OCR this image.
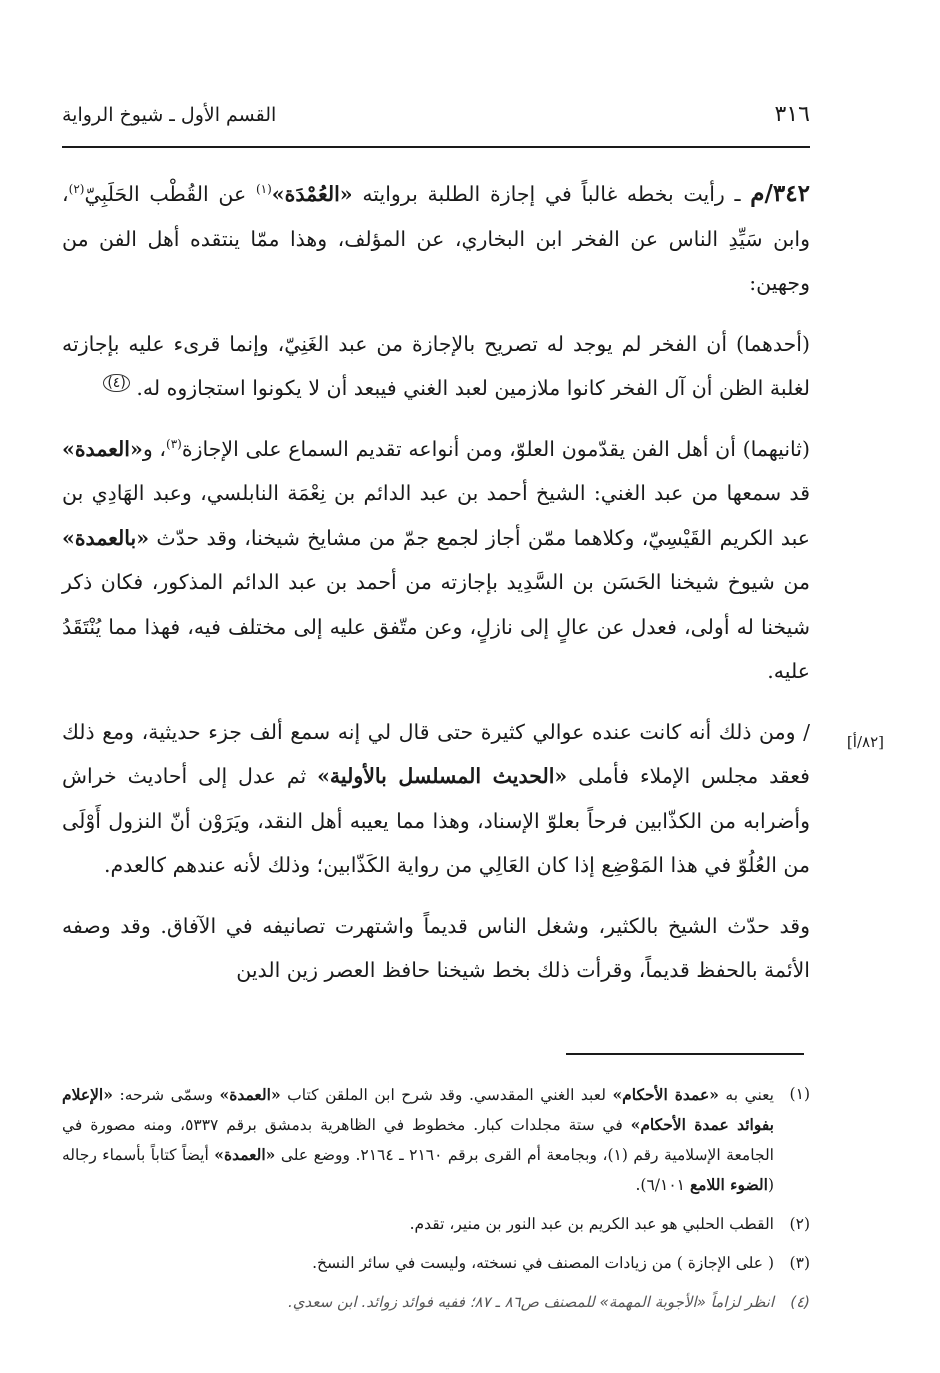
٣١٦
القسم الأول ـ شيوخ الرواية
[٨٢/أ]

٣٤٢/م ـ رأيت بخطه غالباً في إجازة الطلبة بروايته «العُمْدَة»$^{(١)}$ عن القُطْب الحَلَبِيّ$^{(٢)}$، وابن سَيِّدِ الناس عن الفخر ابن البخاري، عن المؤلف، وهذا ممّا ينتقده أهل الفن من وجهين:

(أحدهما) أن الفخر لم يوجد له تصريح بالإجازة من عبد الغَنِيّ، وإنما قرىء عليه بإجازته لغلبة الظن أن آل الفخر كانوا ملازمين لعبد الغني فيبعد أن لا يكونوا استجازوه له. (٤)

(ثانيهما) أن أهل الفن يقدّمون العلوّ، ومن أنواعه تقديم السماع على الإجازة$^{(٣)}$، و«العمدة» قد سمعها من عبد الغني: الشيخ أحمد بن عبد الدائم بن نِعْمَة النابلسي، وعبد الهَادِي بن عبد الكريم القَيْسِيّ، وكلاهما ممّن أجاز لجمع جمّ من مشايخ شيخنا، وقد حدّث «بالعمدة» من شيوخ شيخنا الحَسَن بن السَّدِيد بإجازته من أحمد بن عبد الدائم المذكور، فكان ذكر شيخنا له أولى، فعدل عن عالٍ إلى نازلٍ، وعن متّفق عليه إلى مختلف فيه، فهذا مما يُنْتَقَدُ عليه.

/ ومن ذلك أنه كانت عنده عوالي كثيرة حتى قال لي إنه سمع ألف جزء حديثية، ومع ذلك فعقد مجلس الإملاء فأملى «الحديث المسلسل بالأولية» ثم عدل إلى أحاديث خراش وأضرابه من الكذّابين فرحاً بعلوّ الإسناد، وهذا مما يعيبه أهل النقد، ويَرَوْن أنّ النزول أَوْلَى من العُلُوّ في هذا المَوْضِع إذا كان العَالِي من رواية الكَذّابين؛ وذلك لأنه عندهم كالعدم.

وقد حدّث الشيخ بالكثير، وشغل الناس قديماً واشتهرت تصانيفه في الآفاق. وقد وصفه الأئمة بالحفظ قديماً، وقرأت ذلك بخط شيخنا حافظ العصر زين الدين

(١)
يعني به «عمدة الأحكام» لعبد الغني المقدسي. وقد شرح ابن الملقن كتاب «العمدة» وسمّى شرحه: «الإعلام بفوائد عمدة الأحكام» في ستة مجلدات كبار. مخطوط في الظاهرية بدمشق برقم ٥٣٣٧، ومنه مصورة في الجامعة الإسلامية رقم (١)، وبجامعة أم القرى برقم ٢١٦٠ ـ ٢١٦٤. ووضع على «العمدة» أيضاً كتاباً بأسماء رجاله (الضوء اللامع ٦/١٠١).
(٢)
القطب الحلبي هو عبد الكريم بن عبد النور بن منير، تقدم.
(٣)
( على الإجازة ) من زيادات المصنف في نسخته، وليست في سائر النسخ.
(٤)
انظر لزاماً «الأجوبة المهمة» للمصنف ص٨٦ ـ ٨٧؛ ففيه فوائد زوائد. ابن سعدي.
